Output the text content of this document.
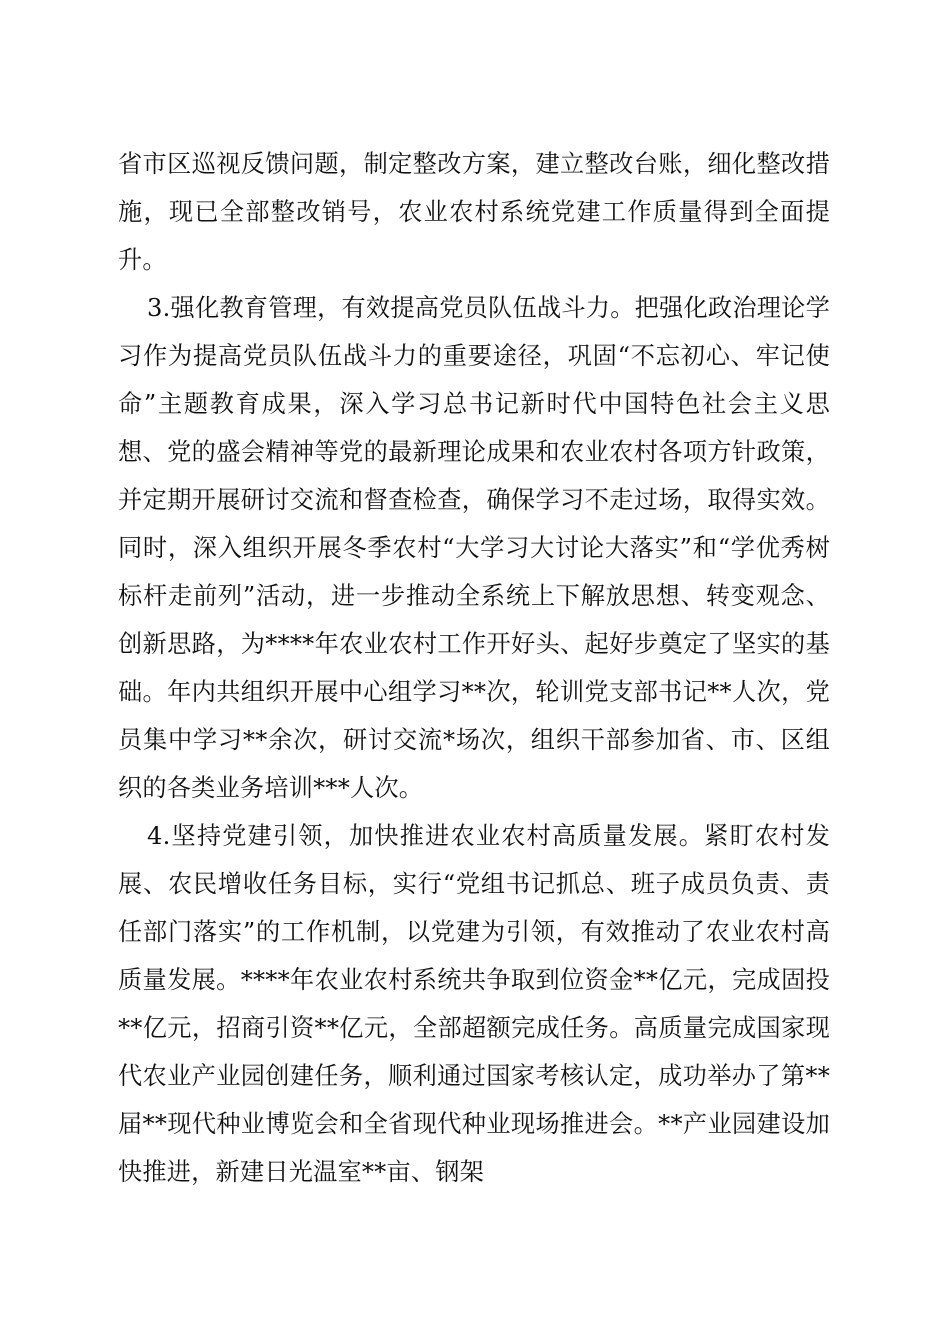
省市区巡视反馈问题，制定整改方案，建立整改台账，细化整改措施，现已全部整改销号，农业农村系统党建工作质量得到全面提升。

3.强化教育管理，有效提高党员队伍战斗力。把强化政治理论学习作为提高党员队伍战斗力的重要途径，巩固“不忘初心、牢记使命”主题教育成果，深入学习总书记新时代中国特色社会主义思想、党的盛会精神等党的最新理论成果和农业农村各项方针政策，并定期开展研讨交流和督查检查，确保学习不走过场，取得实效。同时，深入组织开展冬季农村“大学习大讨论大落实”和“学优秀树标杆走前列”活动，进一步推动全系统上下解放思想、转变观念、创新思路，为****年农业农村工作开好头、起好步奠定了坚实的基础。年内共组织开展中心组学习**次，轮训党支部书记**人次，党员集中学习**余次，研讨交流*场次，组织干部参加省、市、区组织的各类业务培训***人次。

4.坚持党建引领，加快推进农业农村高质量发展。紧盯农村发展、农民增收任务目标，实行“党组书记抓总、班子成员负责、责任部门落实”的工作机制，以党建为引领，有效推动了农业农村高质量发展。****年农业农村系统共争取到位资金**亿元，完成固投**亿元，招商引资**亿元，全部超额完成任务。高质量完成国家现代农业产业园创建任务，顺利通过国家考核认定，成功举办了第**届**现代种业博览会和全省现代种业现场推进会。**产业园建设加快推进，新建日光温室**亩、钢架
